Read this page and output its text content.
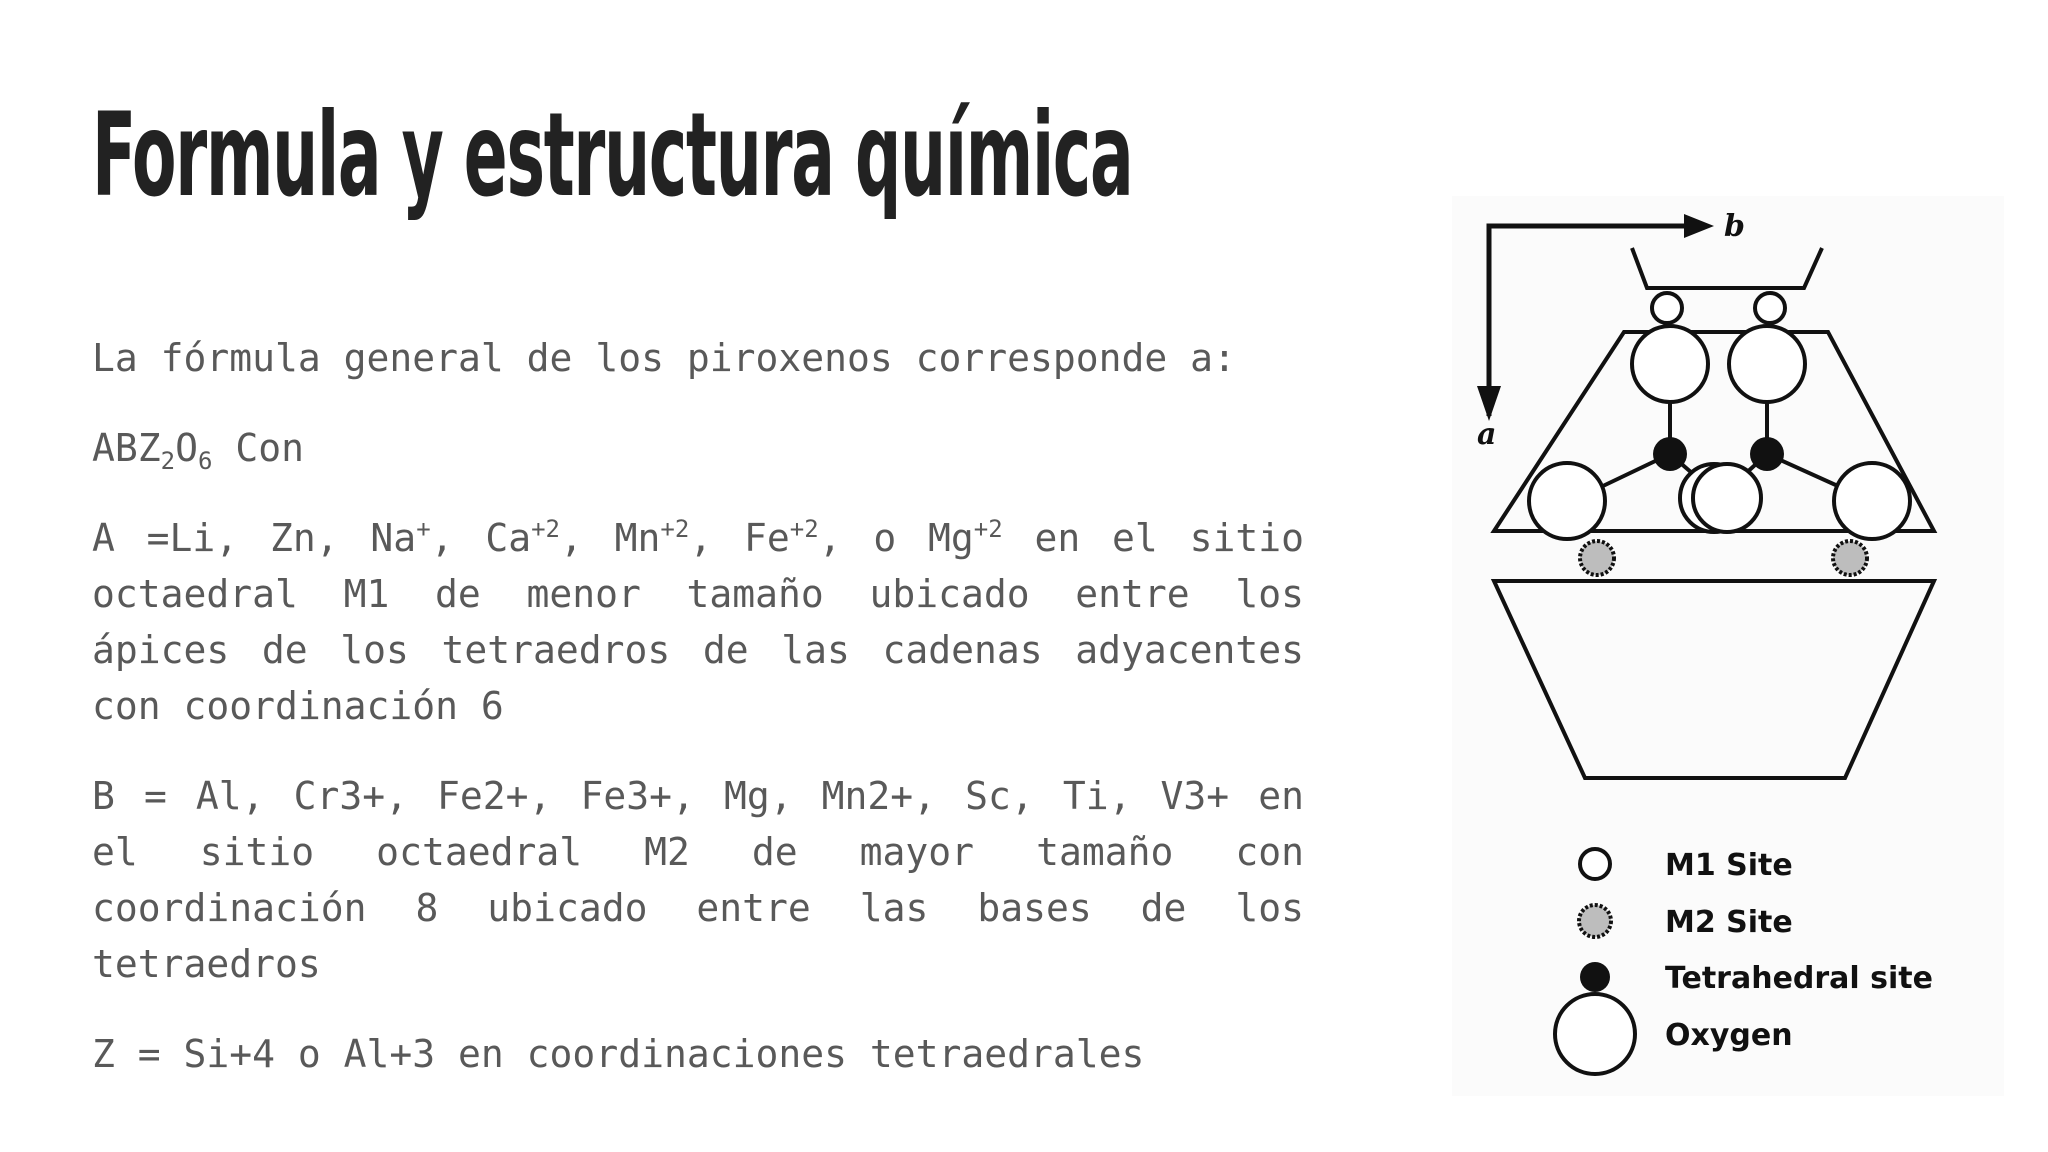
Formula y estructura química

La fórmula general de los piroxenos corresponde a:

$ABZ_2O_6$ Con

A =Li, Zn, Na+, $Ca^{+2}$, $Mn^{+2}$, $Fe^{+2}$, o $Mg^{+2}$ en el sitio octaedral M1 de menor tamaño ubicado entre los ápices de los tetraedros de las cadenas adyacentes con coordinación 6

B = Al, Cr3+, Fe2+, Fe3+, Mg, Mn2+, Sc, Ti, V3+ en el sitio octaedral M2 de mayor tamaño con coordinación 8 ubicado entre las bases de los tetraedros

Z = Si+4 o Al+3 en coordinaciones tetraedrales

b
a
M1 Site
M2 Site
Tetrahedral site
Oxygen
